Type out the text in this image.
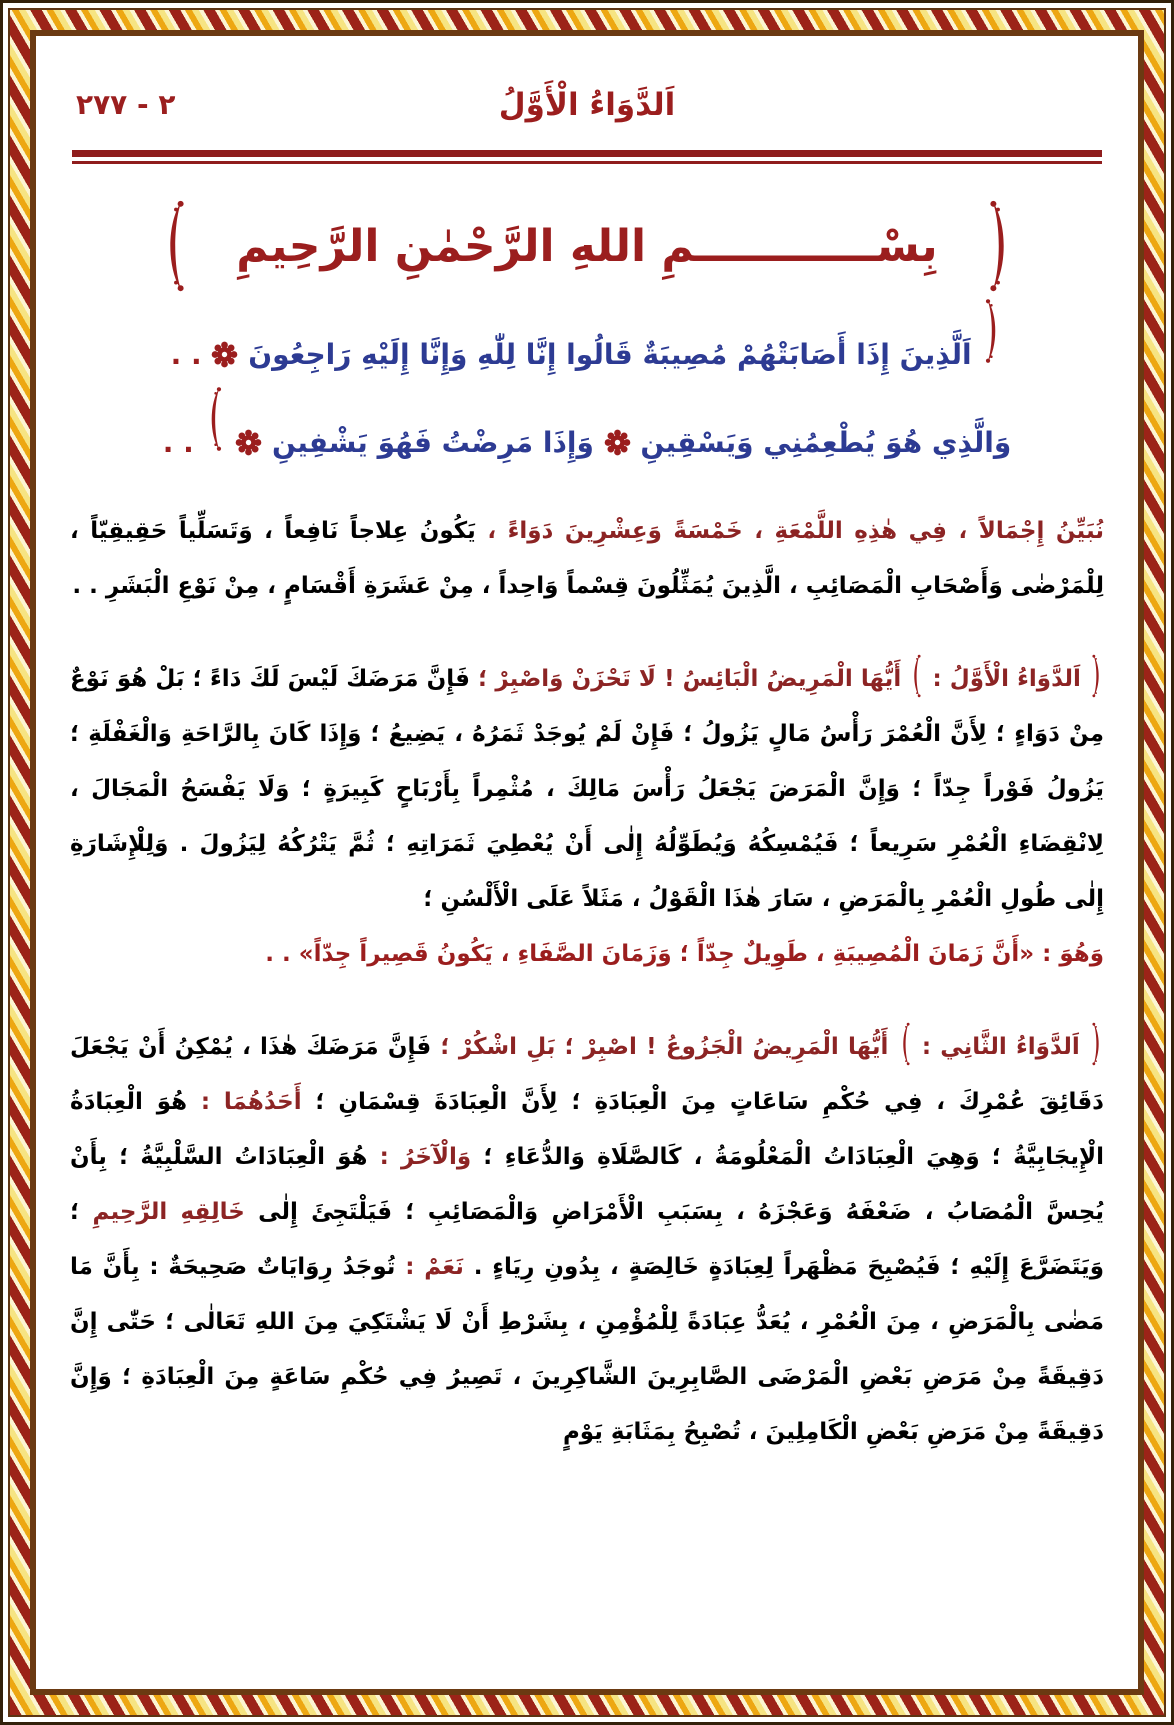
اَلدَّوَاءُ الْأَوَّلُ
٢ - ٢٧٧
بِسْــــــــــــمِ اللهِ الرَّحْمٰنِ الرَّحِيمِ
اَلَّذِينَ إِذَا أَصَابَتْهُمْ مُصِيبَةٌ قَالُوا إِنَّا لِلّٰهِ وَإِنَّا إِلَيْهِ رَاجِعُونَ  . .
وَالَّذِي هُوَ يُطْعِمُنِي وَيَسْقِينِ  وَإِذَا مَرِضْتُ فَهُوَ يَشْفِينِ   . .

نُبَيِّنُ إِجْمَالاً ، فِي هٰذِهِ اللَّمْعَةِ ، خَمْسَةً وَعِشْرِينَ دَوَاءً ، يَكُونُ عِلاجاً نَافِعاً ، وَتَسَلِّياً حَقِيقِيّاً ، لِلْمَرْضٰى وَأَصْحَابِ الْمَصَائِبِ ، الَّذِينَ يُمَثِّلُونَ قِسْماً وَاحِداً ، مِنْ عَشَرَةِ أَقْسَامٍ ، مِنْ نَوْعِ الْبَشَرِ . .

اَلدَّوَاءُ الْأَوَّلُ :  أَيُّهَا الْمَرِيضُ الْبَائِسُ ! لَا تَحْزَنْ وَاصْبِرْ ؛ فَإِنَّ مَرَضَكَ لَيْسَ لَكَ دَاءً ؛ بَلْ هُوَ نَوْعٌ مِنْ دَوَاءٍ ؛ لِأَنَّ الْعُمْرَ رَأْسُ مَالٍ يَزُولُ ؛ فَإِنْ لَمْ يُوجَدْ ثَمَرُهُ ، يَضِيعُ ؛ وَإِذَا كَانَ بِالرَّاحَةِ وَالْغَفْلَةِ ؛ يَزُولُ فَوْراً جِدّاً ؛ وَإِنَّ الْمَرَضَ يَجْعَلُ رَأْسَ مَالِكَ ، مُثْمِراً بِأَرْبَاحٍ كَبِيرَةٍ ؛ وَلَا يَفْسَحُ الْمَجَالَ ، لِانْقِضَاءِ الْعُمْرِ سَرِيعاً ؛ فَيُمْسِكُهُ وَيُطَوِّلُهُ إِلٰى أَنْ يُعْطِيَ ثَمَرَاتِهِ ؛ ثُمَّ يَتْرُكُهُ لِيَزُولَ . وَلِلْإِشَارَةِ إِلٰى طُولِ الْعُمْرِ بِالْمَرَضِ ، سَارَ هٰذَا الْقَوْلُ ، مَثَلاً عَلَى الْأَلْسُنِ ؛

وَهُوَ : «أَنَّ زَمَانَ الْمُصِيبَةِ ، طَوِيلٌ جِدّاً ؛ وَزَمَانَ الصَّفَاءِ ، يَكُونُ قَصِيراً جِدّاً» . .

اَلدَّوَاءُ الثَّانِي :  أَيُّهَا الْمَرِيضُ الْجَزُوعُ ! اصْبِرْ ؛ بَلِ اشْكُرْ ؛ فَإِنَّ مَرَضَكَ هٰذَا ، يُمْكِنُ أَنْ يَجْعَلَ دَقَائِقَ عُمْرِكَ ، فِي حُكْمِ سَاعَاتٍ مِنَ الْعِبَادَةِ ؛ لِأَنَّ الْعِبَادَةَ قِسْمَانِ ؛ أَحَدُهُمَا : هُوَ الْعِبَادَةُ الْإِيجَابِيَّةُ ؛ وَهِيَ الْعِبَادَاتُ الْمَعْلُومَةُ ، كَالصَّلَاةِ وَالدُّعَاءِ ؛ وَالْآخَرُ : هُوَ الْعِبَادَاتُ السَّلْبِيَّةُ ؛ بِأَنْ يُحِسَّ الْمُصَابُ ، ضَعْفَهُ وَعَجْزَهُ ، بِسَبَبِ الْأَمْرَاضِ وَالْمَصَائِبِ ؛ فَيَلْتَجِئَ إِلٰى خَالِقِهِ الرَّحِيمِ ؛ وَيَتَضَرَّعَ إِلَيْهِ ؛ فَيُصْبِحَ مَظْهَراً لِعِبَادَةٍ خَالِصَةٍ ، بِدُونِ رِيَاءٍ . نَعَمْ : تُوجَدُ رِوَايَاتٌ صَحِيحَةٌ : بِأَنَّ مَا مَضٰى بِالْمَرَضِ ، مِنَ الْعُمْرِ ، يُعَدُّ عِبَادَةً لِلْمُؤْمِنِ ، بِشَرْطِ أَنْ لَا يَشْتَكِيَ مِنَ اللهِ تَعَالٰى ؛ حَتّٰى إِنَّ دَقِيقَةً مِنْ مَرَضِ بَعْضِ الْمَرْضَى الصَّابِرِينَ الشَّاكِرِينَ ، تَصِيرُ فِي حُكْمِ سَاعَةٍ مِنَ الْعِبَادَةِ ؛ وَإِنَّ دَقِيقَةً مِنْ مَرَضِ بَعْضِ الْكَامِلِينَ ، تُصْبِحُ بِمَثَابَةِ يَوْمٍ
